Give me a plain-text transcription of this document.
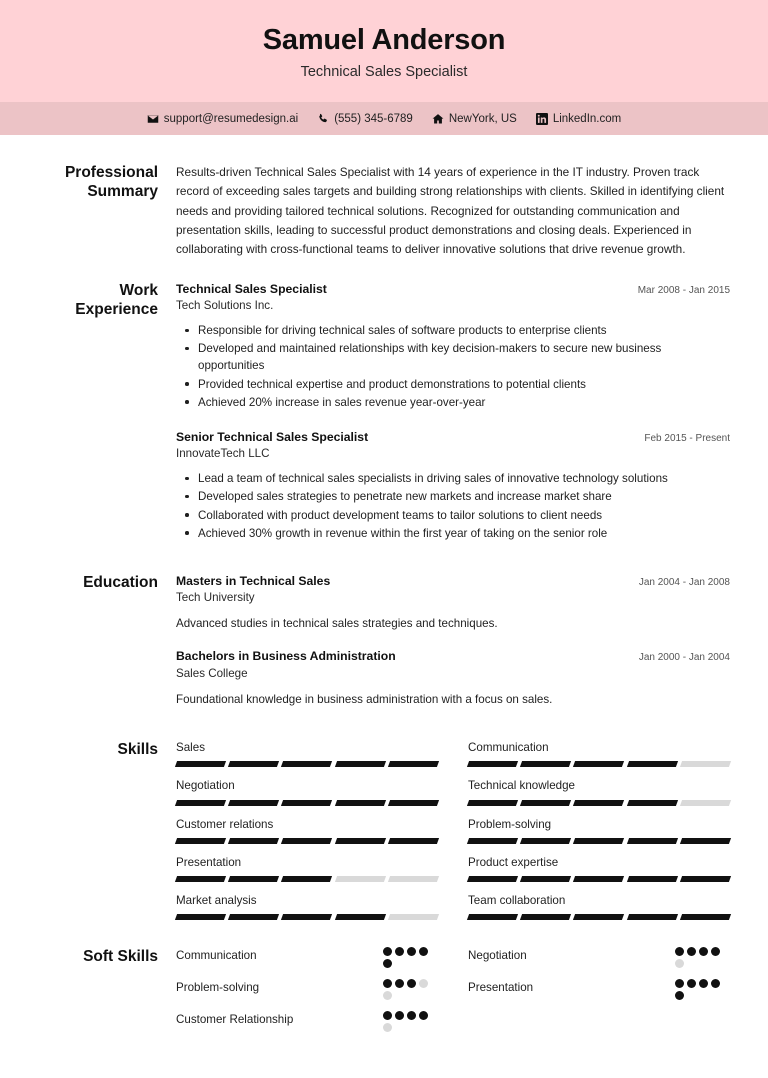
Samuel Anderson
Technical Sales Specialist
support@resumedesign.ai	(555) 345-6789	NewYork, US	LinkedIn.com
Professional Summary
Results-driven Technical Sales Specialist with 14 years of experience in the IT industry. Proven track record of exceeding sales targets and building strong relationships with clients. Skilled in identifying client needs and providing tailored technical solutions. Recognized for outstanding communication and presentation skills, leading to successful product demonstrations and closing deals. Experienced in collaborating with cross-functional teams to deliver innovative solutions that drive revenue growth.
Work Experience
Technical Sales Specialist	Mar 2008 - Jan 2015
Tech Solutions Inc.
Responsible for driving technical sales of software products to enterprise clients
Developed and maintained relationships with key decision-makers to secure new business opportunities
Provided technical expertise and product demonstrations to potential clients
Achieved 20% increase in sales revenue year-over-year
Senior Technical Sales Specialist	Feb 2015 - Present
InnovateTech LLC
Lead a team of technical sales specialists in driving sales of innovative technology solutions
Developed sales strategies to penetrate new markets and increase market share
Collaborated with product development teams to tailor solutions to client needs
Achieved 30% growth in revenue within the first year of taking on the senior role
Education	Masters in Technical Sales	Jan 2004 - Jan 2008
Tech University
Advanced studies in technical sales strategies and techniques.
Bachelors in Business Administration	Jan 2000 - Jan 2004
Sales College
Foundational knowledge in business administration with a focus on sales.
Skills	Sales	Communication
Negotiation	Technical knowledge
Customer relations	Problem-solving
Presentation	Product expertise
Market analysis	Team collaboration
Soft Skills	Communication	Negotiation
Problem-solving	Presentation
Customer Relationship
